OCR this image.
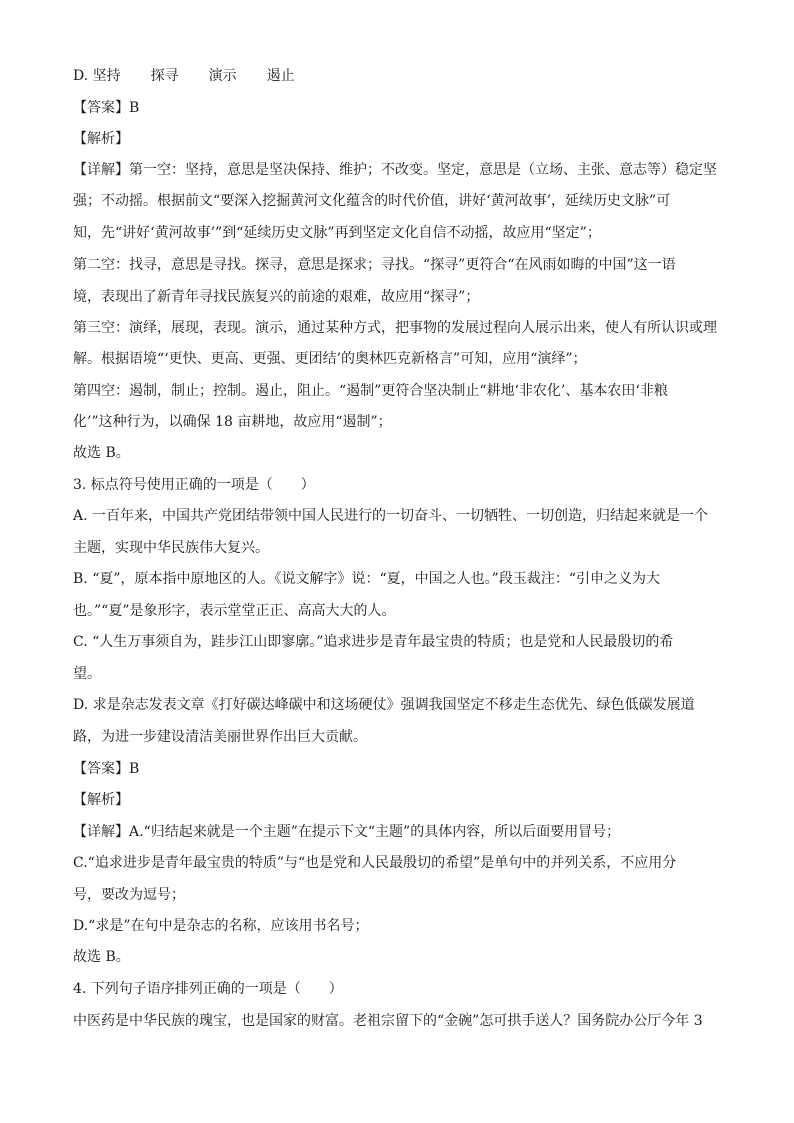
D. 坚持 探寻 演示 遏止
【答案】B
【解析】
【详解】第一空：坚持，意思是坚决保持、维护；不改变。坚定，意思是（立场、主张、意志等）稳定坚
强；不动摇。根据前文“要深入挖掘黄河文化蕴含的时代价值，讲好‘黄河故事’，延续历史文脉”可
知，先“讲好‘黄河故事’”到“延续历史文脉”再到坚定文化自信不动摇，故应用“坚定”；
第二空：找寻，意思是寻找。探寻，意思是探求；寻找。“探寻”更符合“在风雨如晦的中国”这一语
境，表现出了新青年寻找民族复兴的前途的艰难，故应用“探寻”；
第三空：演绎，展现，表现。演示，通过某种方式，把事物的发展过程向人展示出来，使人有所认识或理
解。根据语境“‘更快、更高、更强、更团结’的奥林匹克新格言”可知，应用“演绎”；
第四空：遏制，制止；控制。遏止，阻止。“遏制”更符合坚决制止“耕地‘非农化’、基本农田‘非粮
化’”这种行为，以确保 18 亩耕地，故应用“遏制”；
故选 B。
3. 标点符号使用正确的一项是（　　）
A. 一百年来，中国共产党团结带领中国人民进行的一切奋斗、一切牺牲、一切创造，归结起来就是一个
主题，实现中华民族伟大复兴。
B. “夏”，原本指中原地区的人。《说文解字》说：“夏，中国之人也。”段玉裁注：“引申之义为大
也。”“夏”是象形字，表示堂堂正正、高高大大的人。
C. “人生万事须自为，跬步江山即寥廓。”追求进步是青年最宝贵的特质；也是党和人民最殷切的希
望。
D. 求是杂志发表文章《打好碳达峰碳中和这场硬仗》强调我国坚定不移走生态优先、绿色低碳发展道
路，为进一步建设清洁美丽世界作出巨大贡献。
【答案】B
【解析】
【详解】A.“归结起来就是一个主题”在提示下文“主题”的具体内容，所以后面要用冒号；
C.“追求进步是青年最宝贵的特质”与“也是党和人民最殷切的希望”是单句中的并列关系，不应用分
号，要改为逗号；
D.“求是”在句中是杂志的名称，应该用书名号；
故选 B。
4. 下列句子语序排列正确的一项是（　　）
中医药是中华民族的瑰宝，也是国家的财富。老祖宗留下的“金碗”怎可拱手送人？国务院办公厅今年 3
